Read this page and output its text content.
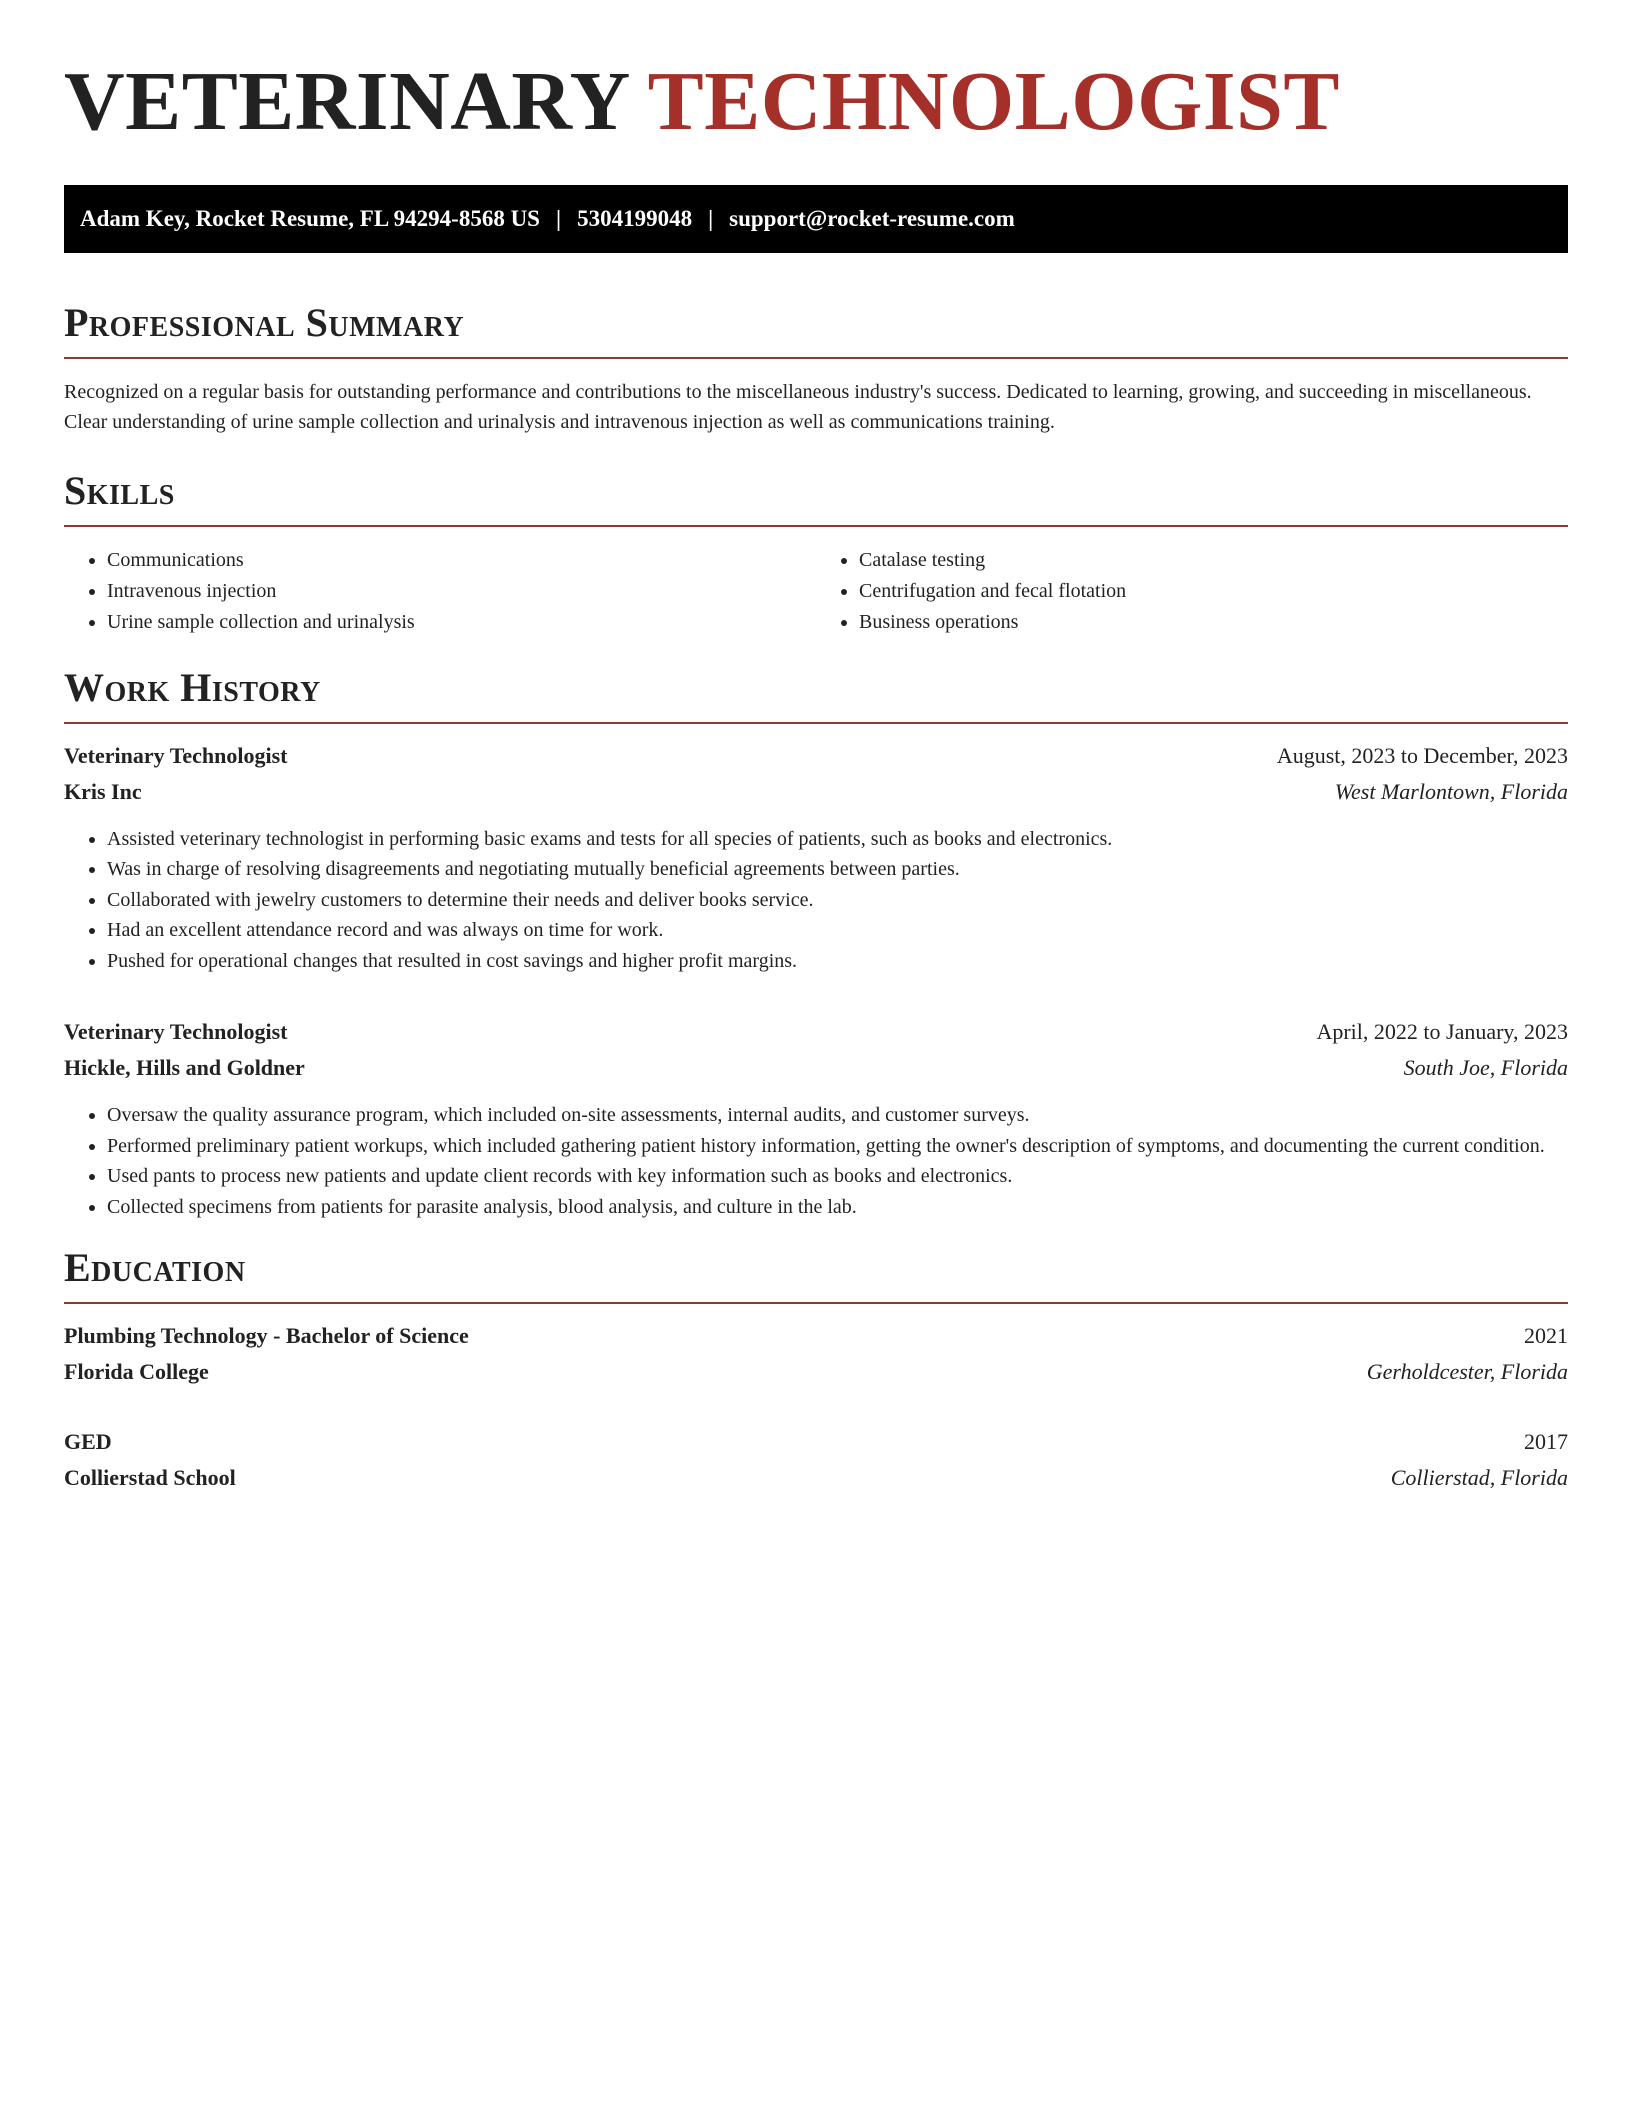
VETERINARY TECHNOLOGIST
Adam Key, Rocket Resume, FL 94294-8568 US | 5304199048 | support@rocket-resume.com
Professional Summary

Recognized on a regular basis for outstanding performance and contributions to the miscellaneous industry's success. Dedicated to learning, growing, and succeeding in miscellaneous. Clear understanding of urine sample collection and urinalysis and intravenous injection as well as communications training.

Skills
• Communications
• Intravenous injection
• Urine sample collection and urinalysis
• Catalase testing
• Centrifugation and fecal flotation
• Business operations
Work History
Veterinary Technologist	August, 2023 to December, 2023
Kris Inc	West Marlontown, Florida
• Assisted veterinary technologist in performing basic exams and tests for all species of patients, such as books and electronics.
• Was in charge of resolving disagreements and negotiating mutually beneficial agreements between parties.
• Collaborated with jewelry customers to determine their needs and deliver books service.
• Had an excellent attendance record and was always on time for work.
• Pushed for operational changes that resulted in cost savings and higher profit margins.
Veterinary Technologist	April, 2022 to January, 2023
Hickle, Hills and Goldner	South Joe, Florida
• Oversaw the quality assurance program, which included on-site assessments, internal audits, and customer surveys.
• Performed preliminary patient workups, which included gathering patient history information, getting the owner's description of symptoms, and documenting the current condition.
• Used pants to process new patients and update client records with key information such as books and electronics.
• Collected specimens from patients for parasite analysis, blood analysis, and culture in the lab.
Education
Plumbing Technology - Bachelor of Science	2021
Florida College	Gerholdcester, Florida
GED	2017
Collierstad School	Collierstad, Florida
